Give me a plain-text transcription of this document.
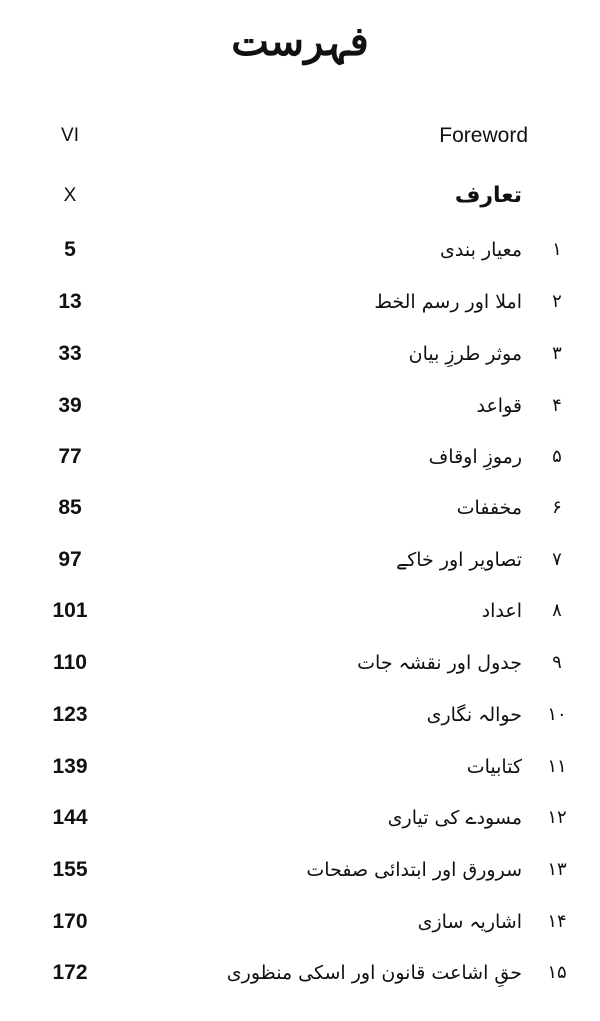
فہرست
VI	Foreword
X	تعارف
5	معیار بندی	۱
13	املا اور رسم الخط	۲
33	موثر طرزِ بیان	۳
39	قواعد	۴
77	رموزِ اوقاف	۵
85	مخففات	۶
97	تصاویر اور خاکے	۷
101	اعداد	۸
110	جدول اور نقشہ جات	۹
123	حوالہ نگاری	۱۰
139	کتابیات	۱۱
144	مسودے کی تیاری	۱۲
155	سرورق اور ابتدائی صفحات	۱۳
170	اشاریہ سازی	۱۴
172	حقِ اشاعت قانون اور اسکی منظوری	۱۵
